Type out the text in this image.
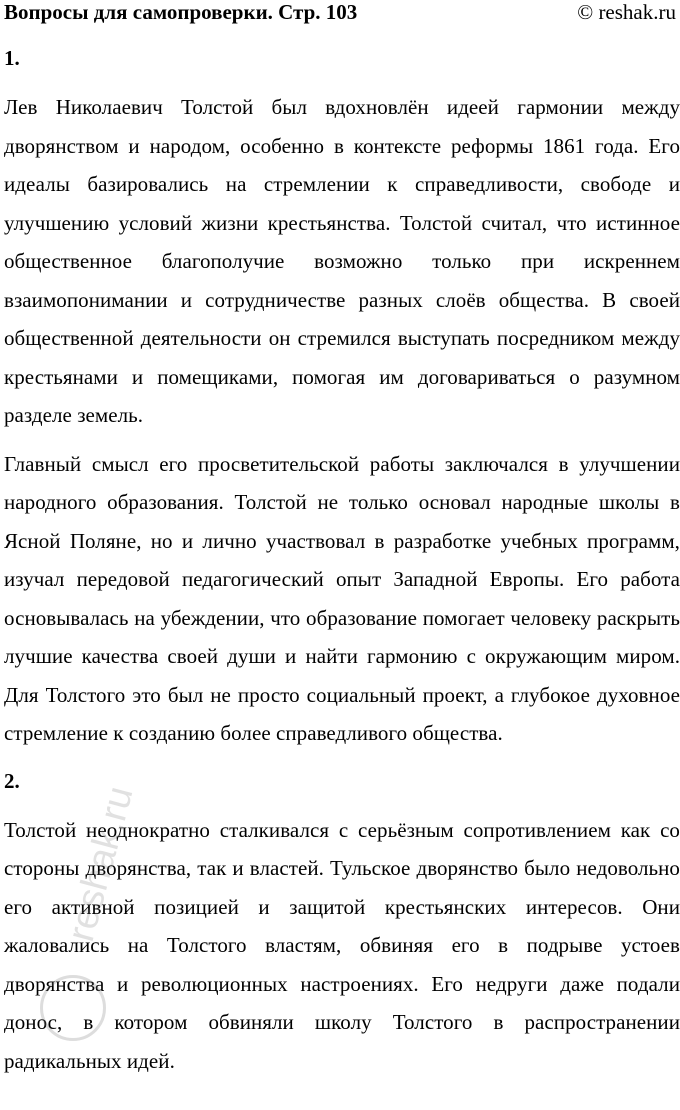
Вопросы для самопроверки. Стр. 103	© reshak.ru
1.

Лев Николаевич Толстой был вдохновлён идеей гармонии между дворянством и народом, особенно в контексте реформы 1861 года. Его идеалы базировались на стремлении к справедливости, свободе и улучшению условий жизни крестьянства. Толстой считал, что истинное общественное благополучие возможно только при искреннем взаимопонимании и сотрудничестве разных слоёв общества. В своей общественной деятельности он стремился выступать посредником между крестьянами и помещиками, помогая им договариваться о разумном разделе земель.

Главный смысл его просветительской работы заключался в улучшении народного образования. Толстой не только основал народные школы в Ясной Поляне, но и лично участвовал в разработке учебных программ, изучал передовой педагогический опыт Западной Европы. Его работа основывалась на убеждении, что образование помогает человеку раскрыть лучшие качества своей души и найти гармонию с окружающим миром. Для Толстого это был не просто социальный проект, а глубокое духовное стремление к созданию более справедливого общества.

2.

Толстой неоднократно сталкивался с серьёзным сопротивлением как со стороны дворянства, так и властей. Тульское дворянство было недовольно его активной позицией и защитой крестьянских интересов. Они жаловались на Толстого властям, обвиняя его в подрыве устоев дворянства и революционных настроениях. Его недруги даже подали донос, в котором обвиняли школу Толстого в распространении радикальных идей.

reshak.ru
